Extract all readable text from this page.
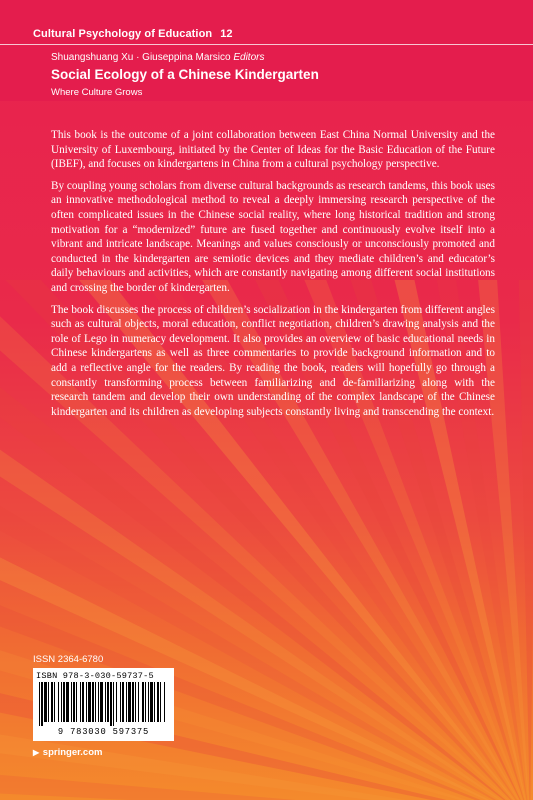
Cultural Psychology of Education 12
Shuangshuang Xu · Giuseppina Marsico Editors
Social Ecology of a Chinese Kindergarten
Where Culture Grows

This book is the outcome of a joint collaboration between East China Normal University and the University of Luxembourg, initiated by the Center of Ideas for the Basic Education of the Future (IBEF), and focuses on kindergartens in China from a cultural psychology perspective.

By coupling young scholars from diverse cultural backgrounds as research tandems, this book uses an innovative methodological method to reveal a deeply immersing research perspective of the often complicated issues in the Chinese social reality, where long historical tradition and strong motivation for a “modernized” future are fused together and continuously evolve itself into a vibrant and intricate landscape. Meanings and values consciously or unconsciously promoted and conducted in the kindergarten are semiotic devices and they mediate children’s and educator’s daily behaviours and activities, which are constantly navigating among different social institutions and crossing the border of kindergarten.

The book discusses the process of children’s socialization in the kindergarten from different angles such as cultural objects, moral education, conflict negotiation, children’s drawing analysis and the role of Lego in numeracy development. It also provides an overview of basic educational needs in Chinese kindergartens as well as three commentaries to provide background information and to add a reflective angle for the readers. By reading the book, readers will hopefully go through a constantly transforming process between familiarizing and de-familiarizing along with the research tandem and develop their own understanding of the complex landscape of the Chinese kindergarten and its children as developing subjects constantly living and transcending the context.

ISSN 2364-6780
ISBN 978-3-030-59737-5
9 783030 597375
▶ springer.com
